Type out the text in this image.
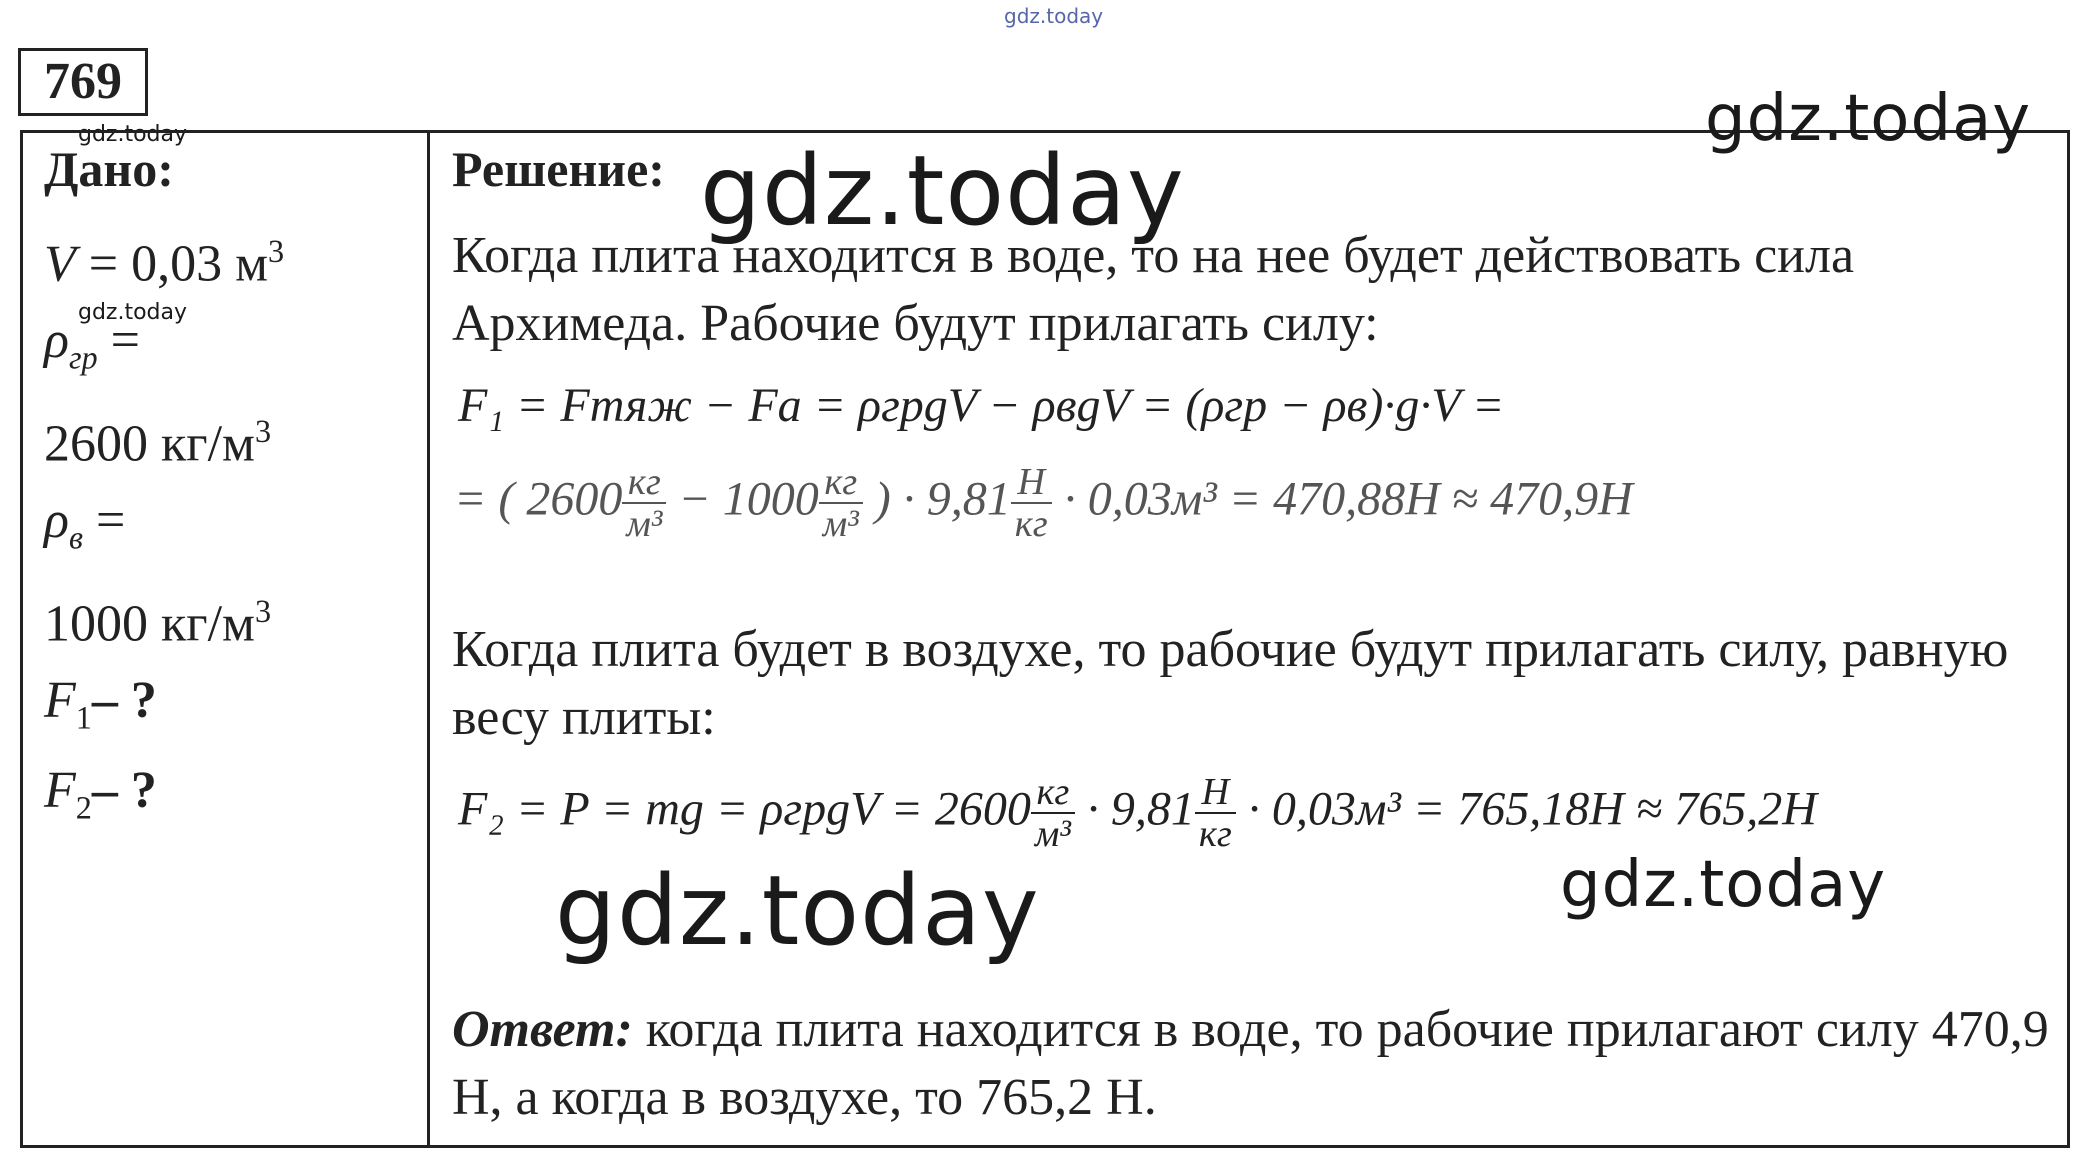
gdz.today
gdz.today
gdz.today
769
Дано:
V = 0,03 $м^3$
$\rho_{гр}$ =
2600 $кг/м^3$
$\rho_в$ =
1000 $кг/м^3$
$F_1-$ ?
$F_2-$ ?
Решение:
Когда плита находится в воде, то на нее будет действовать сила Архимеда. Рабочие будут прилагать силу:
F₁ = Fтяж − Fа = ρгрgV − ρвgV = (ρгр − ρв)·g·V =
= ( $2600 \frac{кг}{\text{м³}} - 1000 \frac{кг}{\text{м³}}$ ) · $9,81 \frac{Н}{кг} \cdot 0,03м^3 = 470,88Н \approx 470,9Н$
Когда плита будет в воздухе, то рабочие будут прилагать силу, равную весу плиты:
F₂ = P = mg = ρгрgV = $2600 \frac{кг}{\text{м³}} \cdot 9,81 \frac{Н}{кг} \cdot 0,03м^3 = 765,18Н \approx 765,2Н$
Ответ: когда плита находится в воде, то рабочие прилагают силу 470,9 Н, а когда в воздухе, то 765,2 Н.
gdz.today
gdz.today
gdz.today
gdz.today
